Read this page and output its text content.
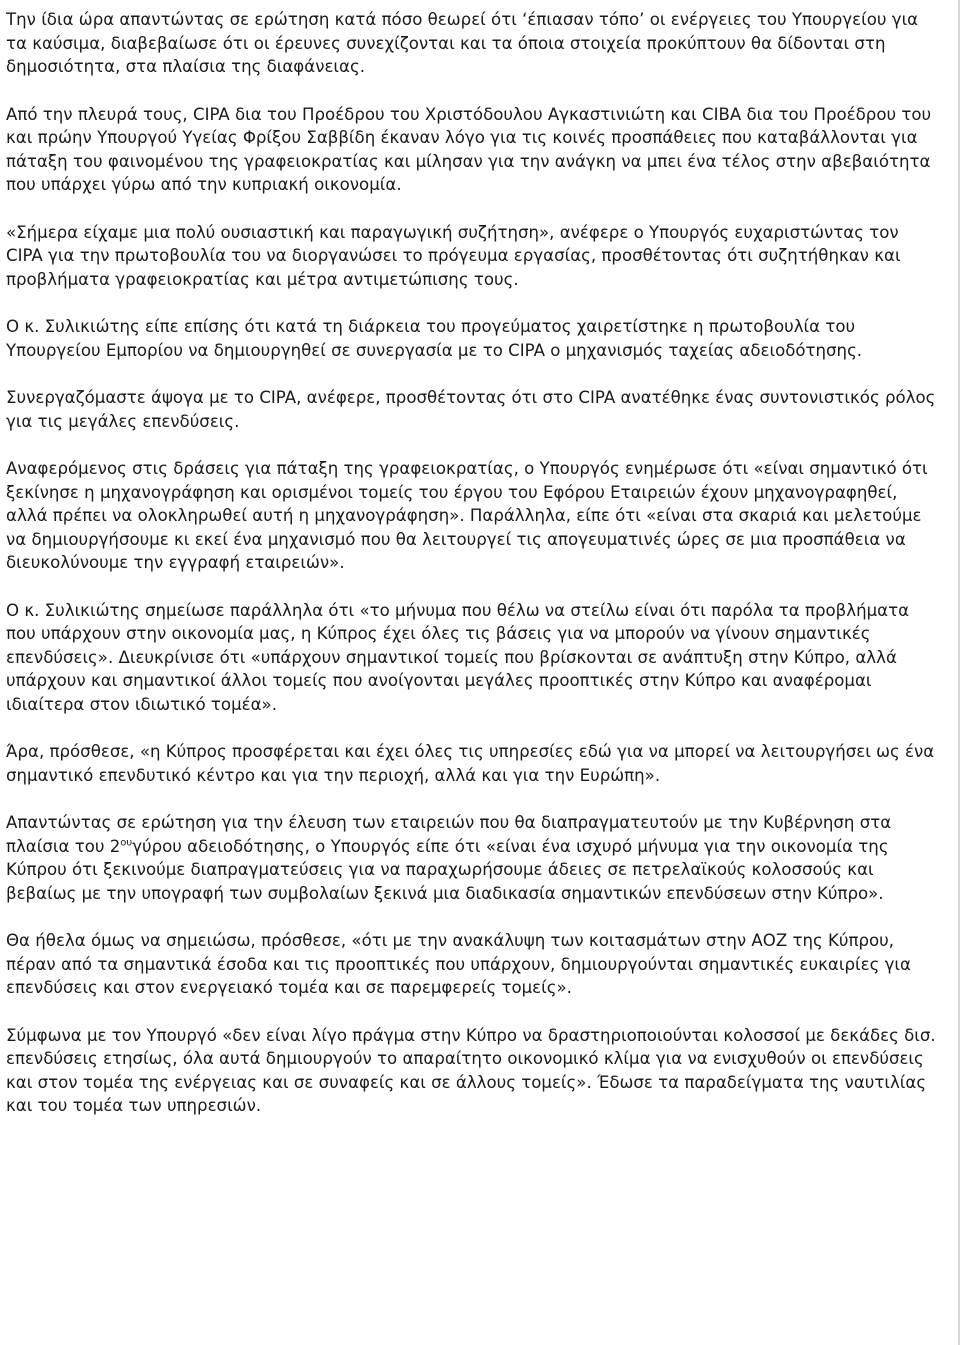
Την ίδια ώρα απαντώντας σε ερώτηση κατά πόσο θεωρεί ότι ‘έπιασαν τόπο’ οι ενέργειες του Υπουργείου για τα καύσιμα, διαβεβαίωσε ότι οι έρευνες συνεχίζονται και τα όποια στοιχεία προκύπτουν θα δίδονται στη δημοσιότητα, στα πλαίσια της διαφάνειας.

Από την πλευρά τους, CIPA δια του Προέδρου του Χριστόδουλου Αγκαστινιώτη και CIBA δια του Προέδρου του και πρώην Υπουργού Υγείας Φρίξου Σαββίδη έκαναν λόγο για τις κοινές προσπάθειες που καταβάλλονται για πάταξη του φαινομένου της γραφειοκρατίας και μίλησαν για την ανάγκη να μπει ένα τέλος στην αβεβαιότητα που υπάρχει γύρω από την κυπριακή οικονομία.

«Σήμερα είχαμε μια πολύ ουσιαστική και παραγωγική συζήτηση», ανέφερε ο Υπουργός ευχαριστώντας τον CIPA για την πρωτοβουλία του να διοργανώσει το πρόγευμα εργασίας, προσθέτοντας ότι συζητήθηκαν και προβλήματα γραφειοκρατίας και μέτρα αντιμετώπισης τους.

Ο κ. Συλικιώτης είπε επίσης ότι κατά τη διάρκεια του προγεύματος χαιρετίστηκε η πρωτοβουλία του Υπουργείου Εμπορίου να δημιουργηθεί σε συνεργασία με το CIPA ο μηχανισμός ταχείας αδειοδότησης.

Συνεργαζόμαστε άψογα με το CIPA, ανέφερε, προσθέτοντας ότι στο CIPA ανατέθηκε ένας συντονιστικός ρόλος για τις μεγάλες επενδύσεις.

Αναφερόμενος στις δράσεις για πάταξη της γραφειοκρατίας, ο Υπουργός ενημέρωσε ότι «είναι σημαντικό ότι ξεκίνησε η μηχανογράφηση και ορισμένοι τομείς του έργου του Εφόρου Εταιρειών έχουν μηχανογραφηθεί, αλλά πρέπει να ολοκληρωθεί αυτή η μηχανογράφηση». Παράλληλα, είπε ότι «είναι στα σκαριά και μελετούμε να δημιουργήσουμε κι εκεί ένα μηχανισμό που θα λειτουργεί τις απογευματινές ώρες σε μια προσπάθεια να διευκολύνουμε την εγγραφή εταιρειών».

Ο κ. Συλικιώτης σημείωσε παράλληλα ότι «το μήνυμα που θέλω να στείλω είναι ότι παρόλα τα προβλήματα που υπάρχουν στην οικονομία μας, η Κύπρος έχει όλες τις βάσεις για να μπορούν να γίνουν σημαντικές επενδύσεις». Διευκρίνισε ότι «υπάρχουν σημαντικοί τομείς που βρίσκονται σε ανάπτυξη στην Κύπρο, αλλά υπάρχουν και σημαντικοί άλλοι τομείς που ανοίγονται μεγάλες προοπτικές στην Κύπρο και αναφέρομαι ιδιαίτερα στον ιδιωτικό τομέα».

Άρα, πρόσθεσε, «η Κύπρος προσφέρεται και έχει όλες τις υπηρεσίες εδώ για να μπορεί να λειτουργήσει ως ένα σημαντικό επενδυτικό κέντρο και για την περιοχή, αλλά και για την Ευρώπη».

Απαντώντας σε ερώτηση για την έλευση των εταιρειών που θα διαπραγματευτούν με την Κυβέρνηση στα πλαίσια του $2^{o\upsilon}\gamma ύ\rho o\upsilon$ αδειοδότησης, ο Υπουργός είπε ότι «είναι ένα ισχυρό μήνυμα για την οικονομία της Κύπρου ότι ξεκινούμε διαπραγματεύσεις για να παραχωρήσουμε άδειες σε πετρελαϊκούς κολοσσούς και βεβαίως με την υπογραφή των συμβολαίων ξεκινά μια διαδικασία σημαντικών επενδύσεων στην Κύπρο».

Θα ήθελα όμως να σημειώσω, πρόσθεσε, «ότι με την ανακάλυψη των κοιτασμάτων στην ΑΟΖ της Κύπρου, πέραν από τα σημαντικά έσοδα και τις προοπτικές που υπάρχουν, δημιουργούνται σημαντικές ευκαιρίες για επενδύσεις και στον ενεργειακό τομέα και σε παρεμφερείς τομείς».

Σύμφωνα με τον Υπουργό «δεν είναι λίγο πράγμα στην Κύπρο να δραστηριοποιούνται κολοσσοί με δεκάδες δισ. επενδύσεις ετησίως, όλα αυτά δημιουργούν το απαραίτητο οικονομικό κλίμα για να ενισχυθούν οι επενδύσεις και στον τομέα της ενέργειας και σε συναφείς και σε άλλους τομείς». Έδωσε τα παραδείγματα της ναυτιλίας και του τομέα των υπηρεσιών.
